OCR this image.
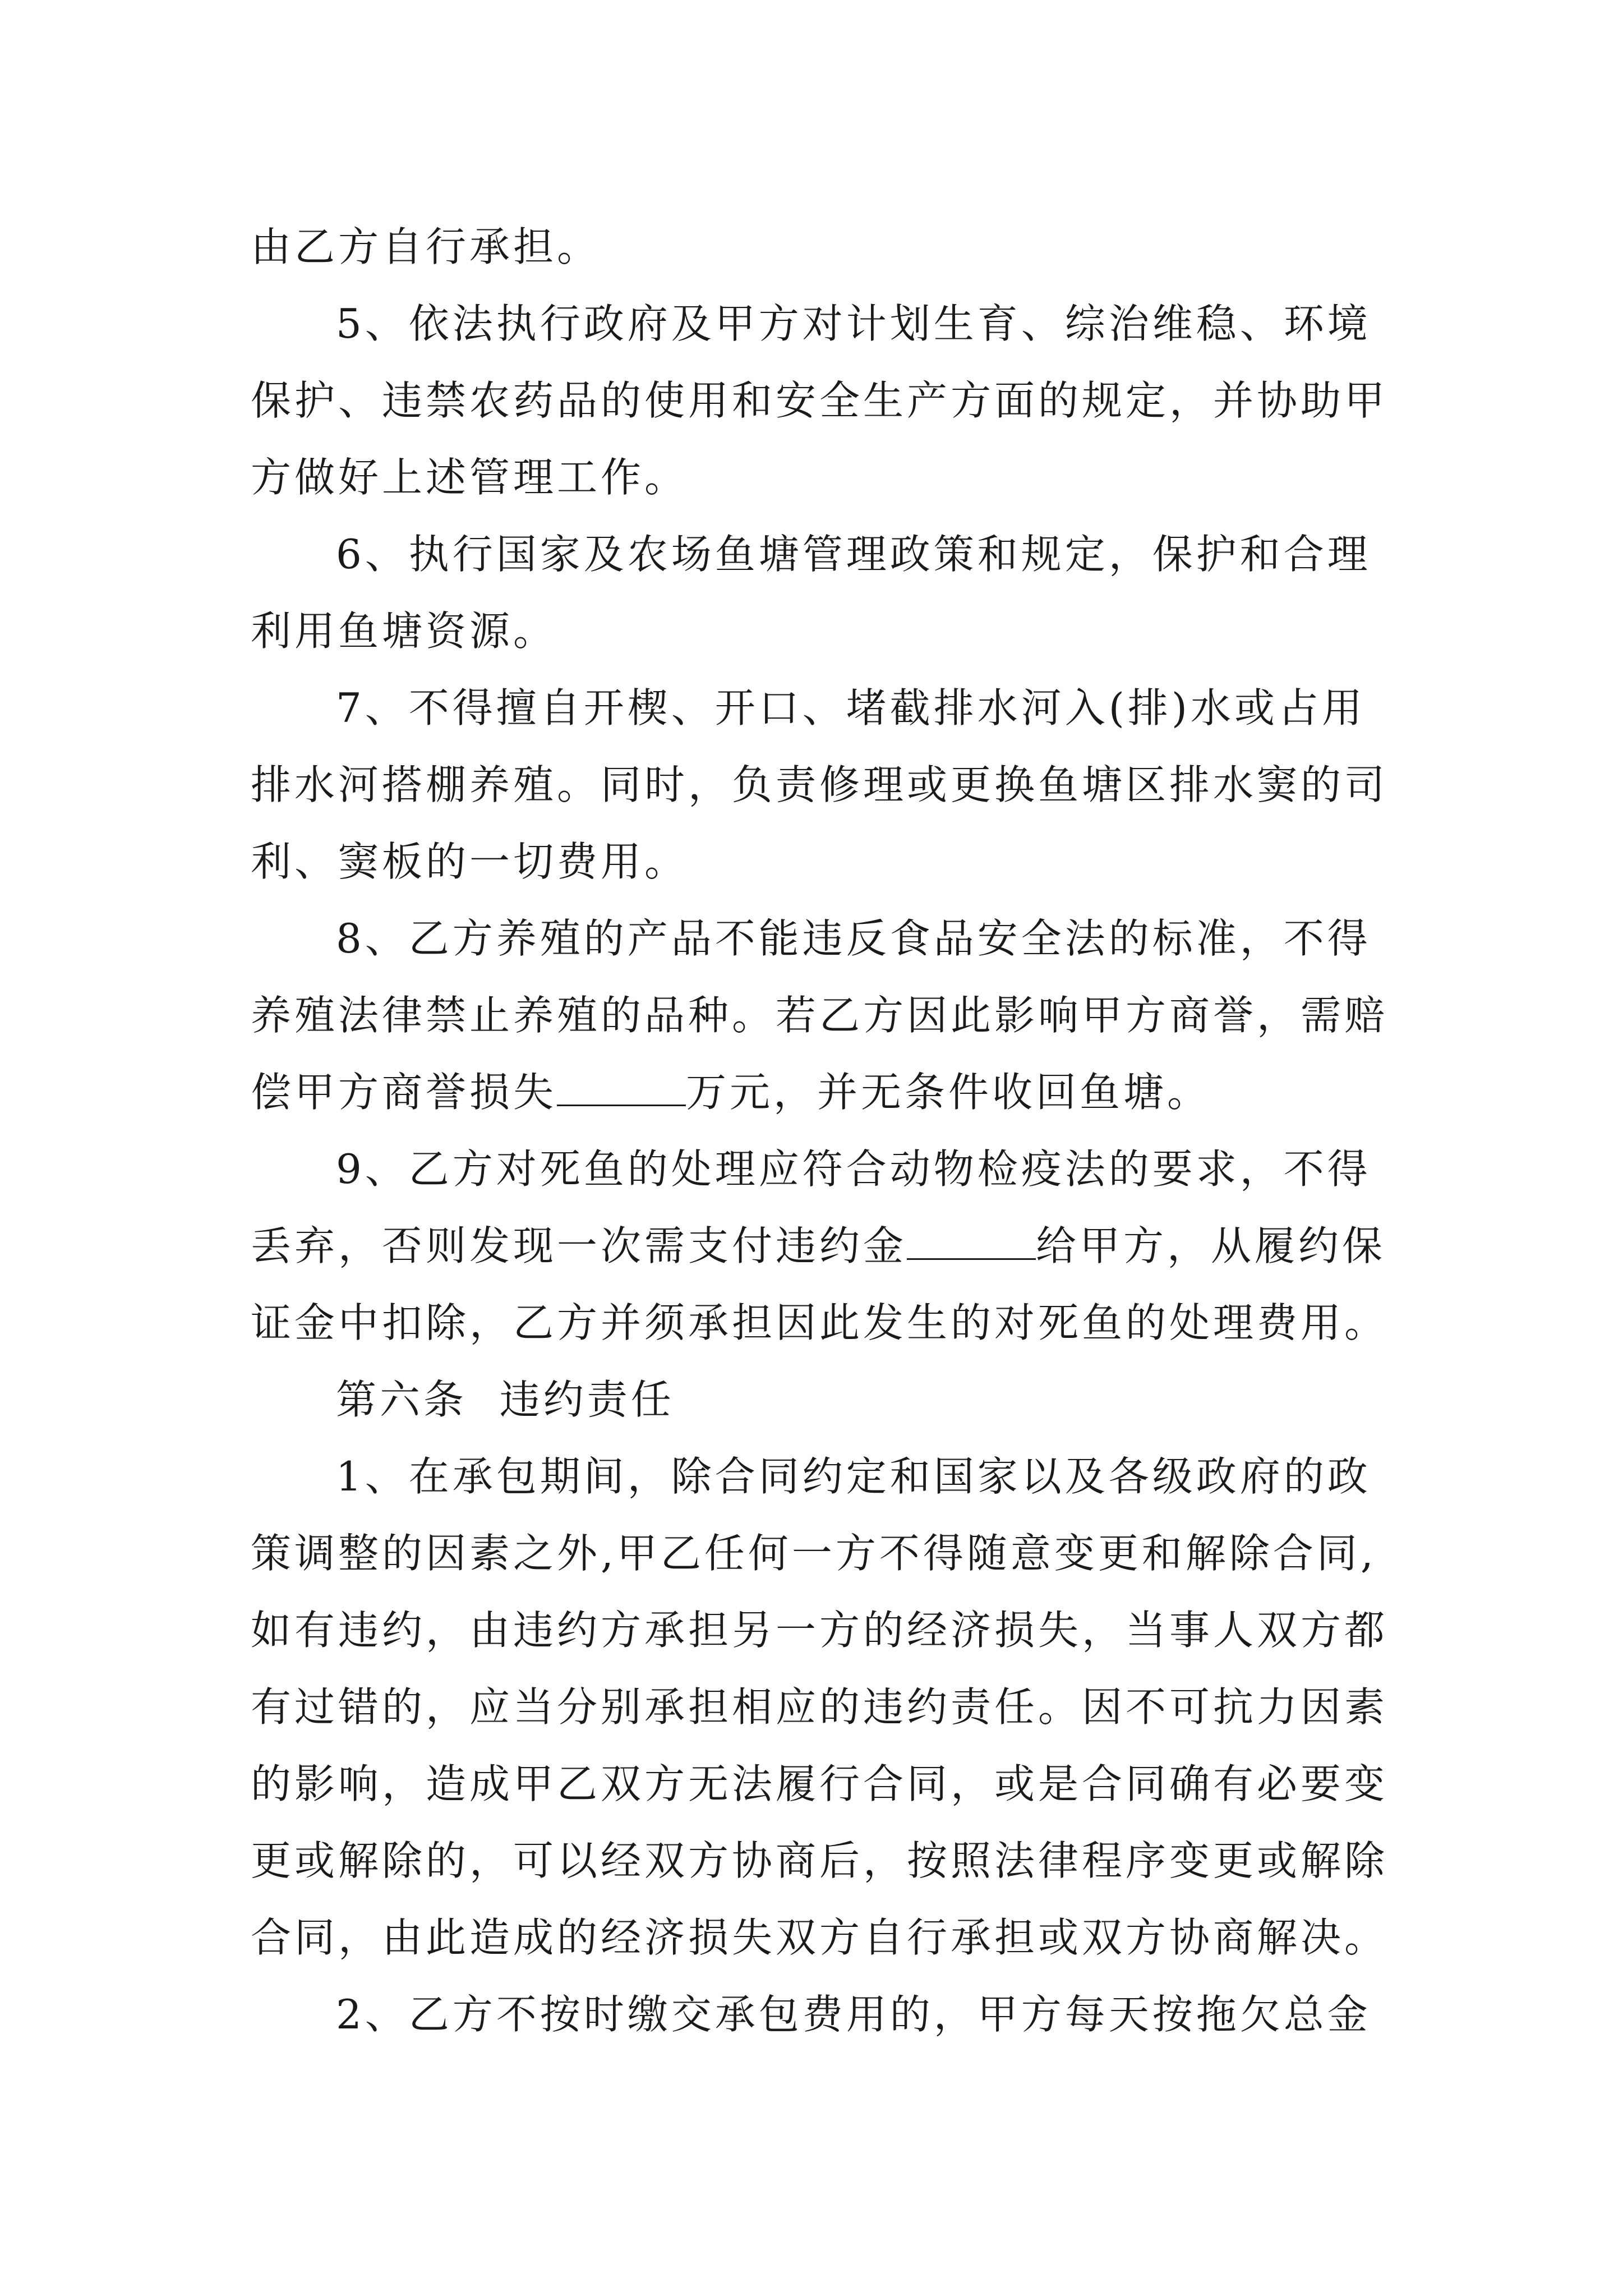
由乙方自行承担。
5、依法执行政府及甲方对计划生育、综治维稳、环境
保护、违禁农药品的使用和安全生产方面的规定，并协助甲
方做好上述管理工作。
6、执行国家及农场鱼塘管理政策和规定，保护和合理
利用鱼塘资源。
7、不得擅自开楔、开口、堵截排水河入(排)水或占用
排水河搭棚养殖。同时，负责修理或更换鱼塘区排水窦的司
利、窦板的一切费用。
8、乙方养殖的产品不能违反食品安全法的标准，不得
养殖法律禁止养殖的品种。若乙方因此影响甲方商誉，需赔
偿甲方商誉损失	万元，并无条件收回鱼塘。
9、乙方对死鱼的处理应符合动物检疫法的要求，不得
丢弃，否则发现一次需支付违约金	给甲方，从履约保
证金中扣除，乙方并须承担因此发生的对死鱼的处理费用。
第六条  违约责任
1、在承包期间，除合同约定和国家以及各级政府的政
策调整的因素之外,甲乙任何一方不得随意变更和解除合同,
如有违约，由违约方承担另一方的经济损失，当事人双方都
有过错的，应当分别承担相应的违约责任。因不可抗力因素
的影响，造成甲乙双方无法履行合同，或是合同确有必要变
更或解除的，可以经双方协商后，按照法律程序变更或解除
合同，由此造成的经济损失双方自行承担或双方协商解决。
2、乙方不按时缴交承包费用的，甲方每天按拖欠总金
